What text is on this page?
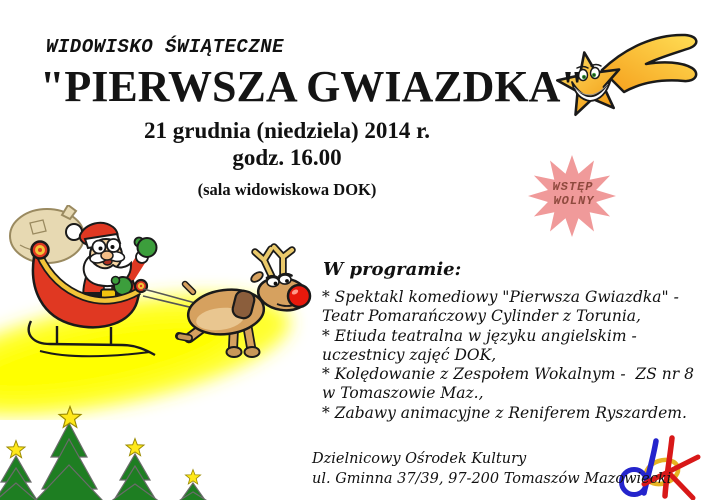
WSTĘP
WOLNY
WIDOWISKO ŚWIĄTECZNE
"PIERWSZA GWIAZDKA"
21 grudnia (niedziela) 2014 r.
godz. 16.00
(sala widowiskowa DOK)
W programie:
* Spektakl komediowy "Pierwsza Gwiazdka" - Teatr Pomarańczowy Cylinder z Torunia,
* Etiuda teatralna w języku angielskim - uczestnicy zajęć DOK,
* Kolędowanie z Zespołem Wokalnym -  ZS nr 8 w Tomaszowie Maz.,
* Zabawy animacyjne z Reniferem Ryszardem.
Dzielnicowy Ośrodek Kultury
ul. Gminna 37/39, 97-200 Tomaszów Mazowiecki
